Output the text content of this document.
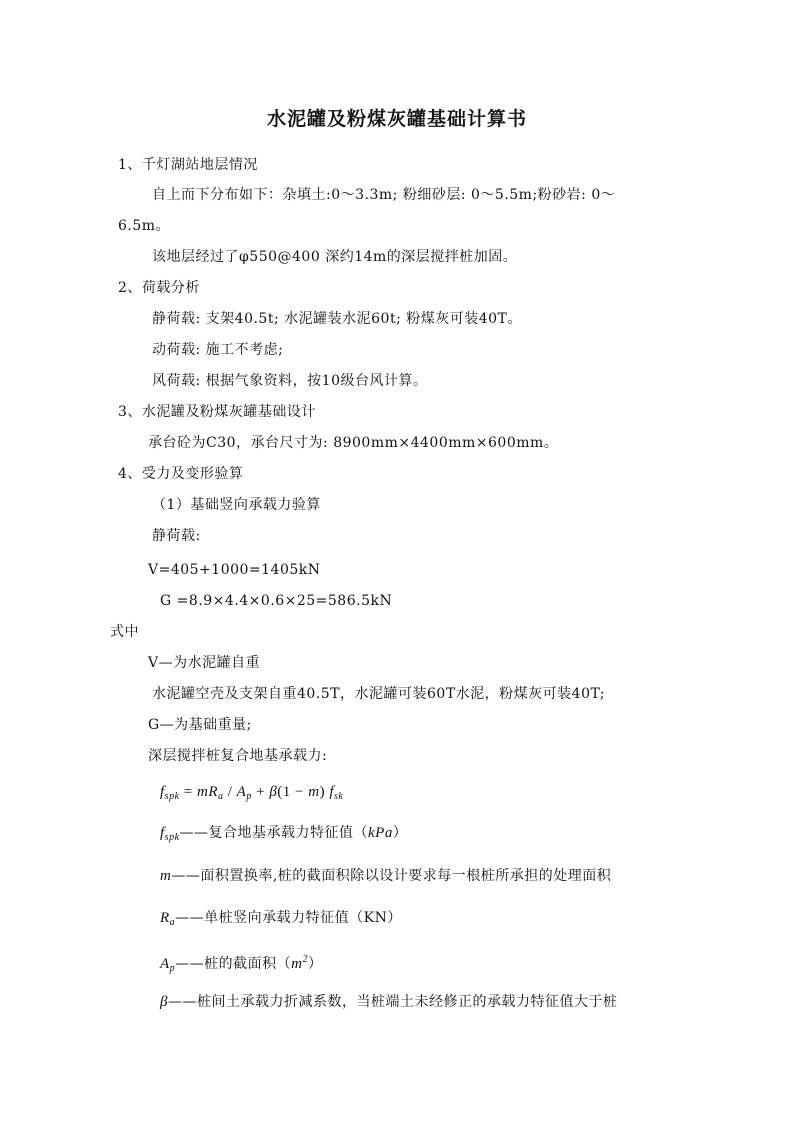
水泥罐及粉煤灰罐基础计算书
1、千灯湖站地层情况
自上而下分布如下：杂填土:0～3.3m; 粉细砂层: 0～5.5m;粉砂岩: 0～
6.5m。
该地层经过了φ550@400 深约14m的深层搅拌桩加固。
2、荷载分析
静荷载: 支架40.5t; 水泥罐装水泥60t; 粉煤灰可装40T。
动荷载: 施工不考虑;
风荷载: 根据气象资料，按10级台风计算。
3、水泥罐及粉煤灰罐基础设计
承台砼为C30，承台尺寸为: 8900mm×4400mm×600mm。
4、受力及变形验算
（1）基础竖向承载力验算
静荷载:
V=405+1000=1405kN
G =8.9×4.4×0.6×25=586.5kN
式中
V—为水泥罐自重
水泥罐空壳及支架自重40.5T，水泥罐可装60T水泥，粉煤灰可装40T;
G—为基础重量;
深层搅拌桩复合地基承载力:
$f_{spk} = mR_a / A_p + \beta(1 - m)$ $f_{sk}$
$f_{spk}——$复合地基承载力特征值（kPa）
m——面积置换率,桩的截面积除以设计要求每一根桩所承担的处理面积
$R_a——$单桩竖向承载力特征值（KN）
$A_p——$桩的截面积$(m^2)$
β——桩间土承载力折减系数，当桩端土未经修正的承载力特征值大于桩
